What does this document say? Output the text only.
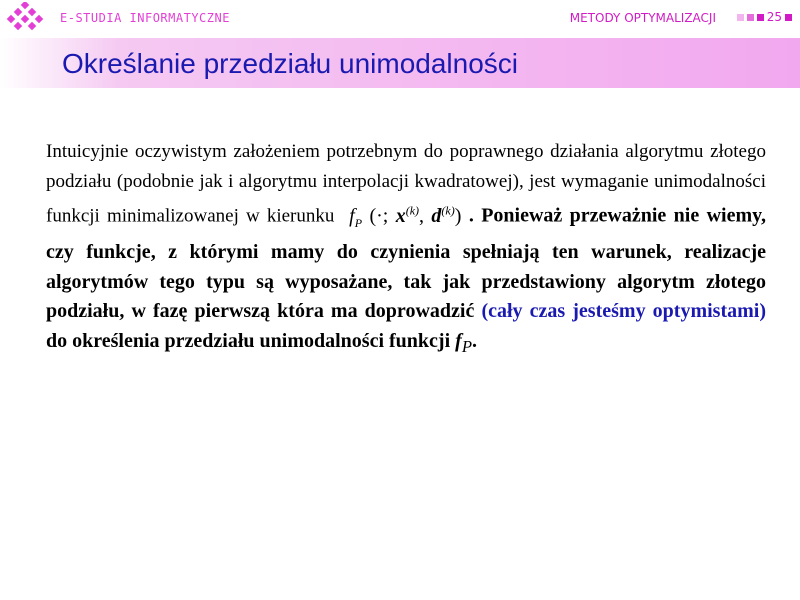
E-STUDIA INFORMATYCZNE	METODY OPTYMALIZACJI	25
Określanie przedziału unimodalności
Intuicyjnie oczywistym założeniem potrzebnym do poprawnego działania algorytmu złotego podziału (podobnie jak i algorytmu interpolacji kwadratowej), jest wymaganie unimodalności funkcji minimalizowanej w kierunku $f_P$ (·; $x^{(k)}$, $d^{(k)}$) . Ponieważ przeważnie nie wiemy, czy funkcje, z którymi mamy do czynienia spełniają ten warunek, realizacje algorytmów tego typu są wyposażane, tak jak przedstawiony algorytm złotego podziału, w fazę pierwszą która ma doprowadzić (cały czas jesteśmy optymistami) do określenia przedziału unimodalności funkcji $f_P$.
